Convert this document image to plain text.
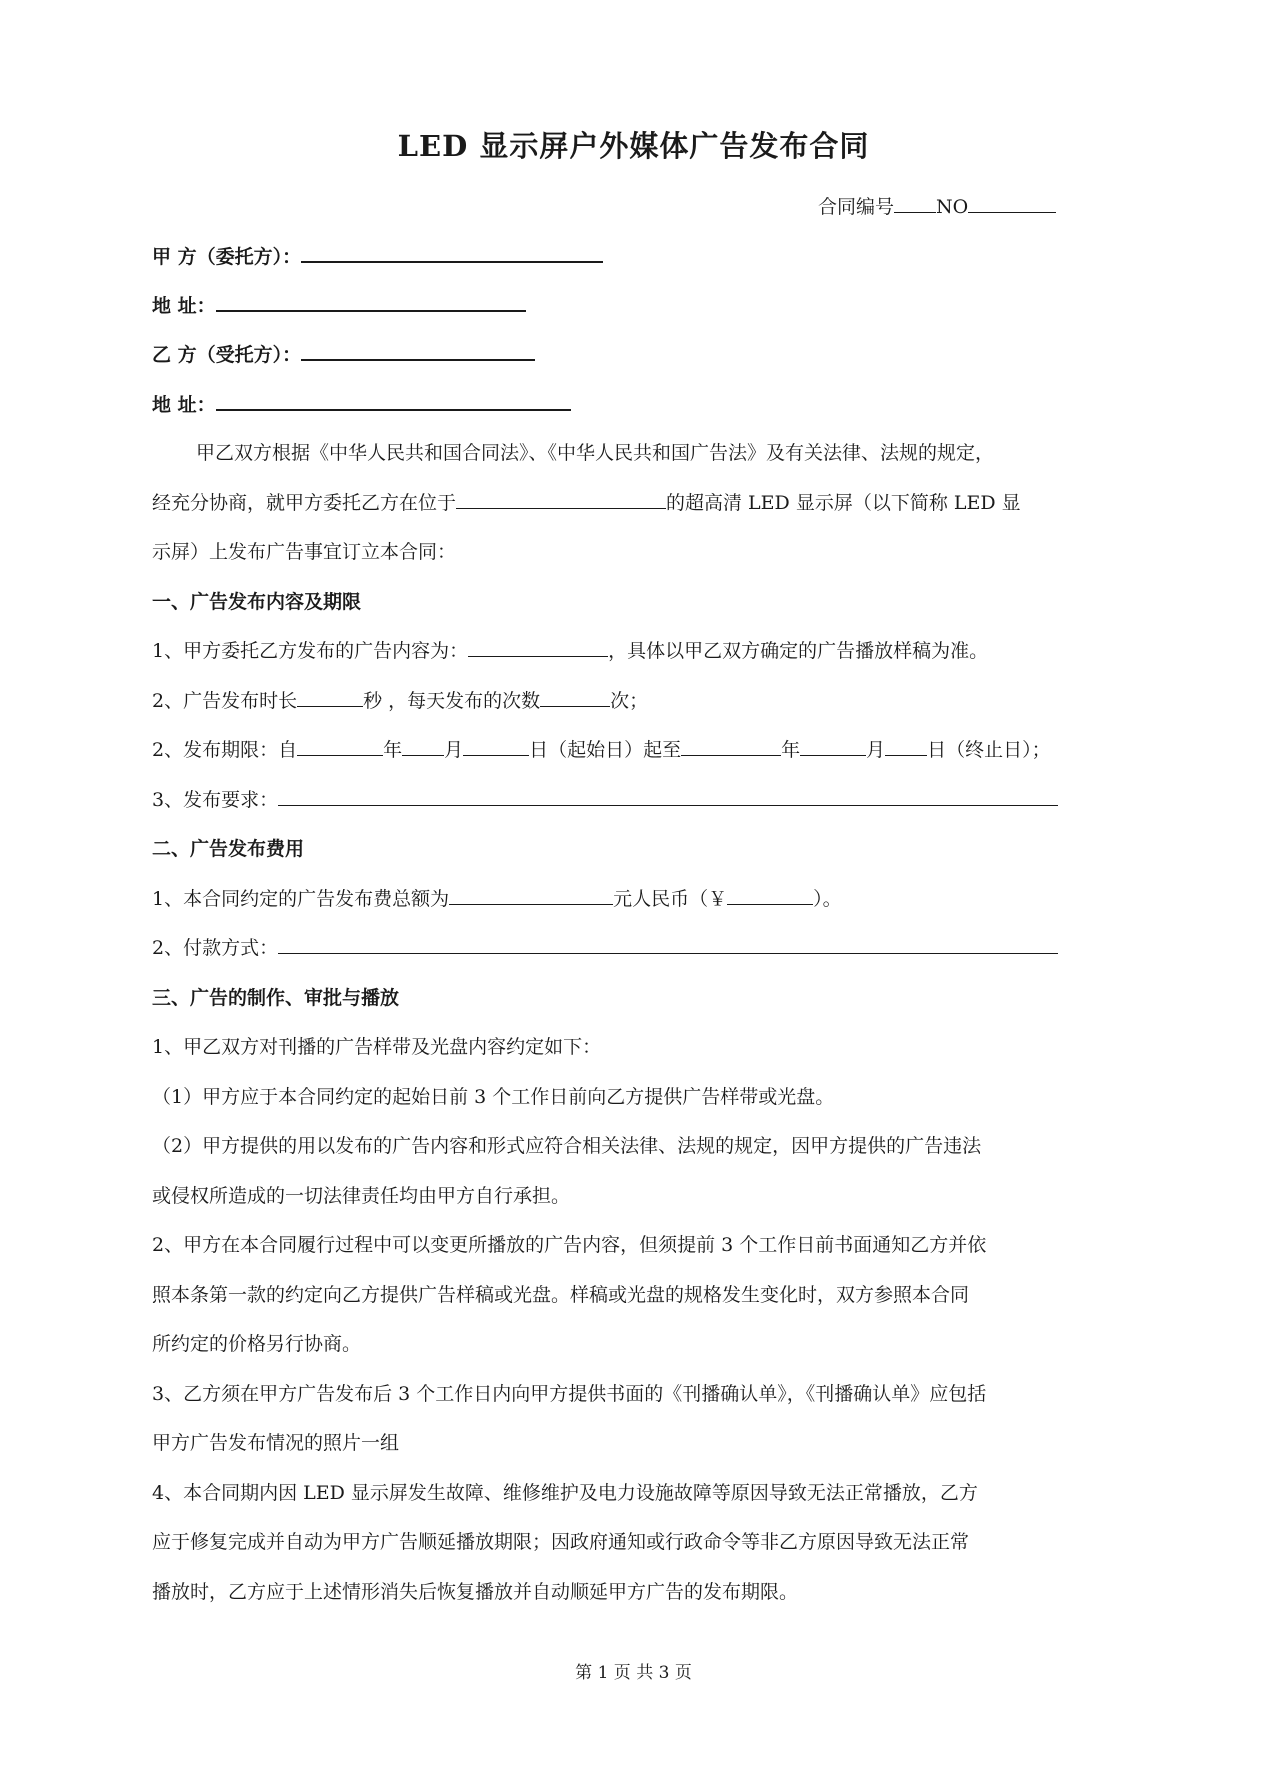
LED 显示屏户外媒体广告发布合同
合同编号 NO
甲 方（委托方）：
地 址：
乙 方（受托方）：
地 址：
甲乙双方根据《中华人民共和国合同法》、《中华人民共和国广告法》及有关法律、法规的规定，
经充分协商，就甲方委托乙方在位于	的超高清 LED 显示屏（以下简称 LED 显
示屏）上发布广告事宜订立本合同：
一、广告发布内容及期限
1、甲方委托乙方发布的广告内容为：	，具体以甲乙双方确定的广告播放样稿为准。
2、广告发布时长	秒 ，每天发布的次数	次；
2、发布期限：自	年 月	日（起始日）起至	年	月 日（终止日）；
3、发布要求：
二、广告发布费用
1、本合同约定的广告发布费总额为	元人民币（￥	）。
2、付款方式：
三、广告的制作、审批与播放
1、甲乙双方对刊播的广告样带及光盘内容约定如下：
（1）甲方应于本合同约定的起始日前 3 个工作日前向乙方提供广告样带或光盘。
（2）甲方提供的用以发布的广告内容和形式应符合相关法律、法规的规定，因甲方提供的广告违法
或侵权所造成的一切法律责任均由甲方自行承担。
2、甲方在本合同履行过程中可以变更所播放的广告内容，但须提前 3 个工作日前书面通知乙方并依
照本条第一款的约定向乙方提供广告样稿或光盘。样稿或光盘的规格发生变化时，双方参照本合同
所约定的价格另行协商。
3、乙方须在甲方广告发布后 3 个工作日内向甲方提供书面的《刊播确认单》，《刊播确认单》应包括
甲方广告发布情况的照片一组
4、本合同期内因 LED 显示屏发生故障、维修维护及电力设施故障等原因导致无法正常播放，乙方
应于修复完成并自动为甲方广告顺延播放期限；因政府通知或行政命令等非乙方原因导致无法正常
播放时，乙方应于上述情形消失后恢复播放并自动顺延甲方广告的发布期限。
第 1 页 共 3 页
